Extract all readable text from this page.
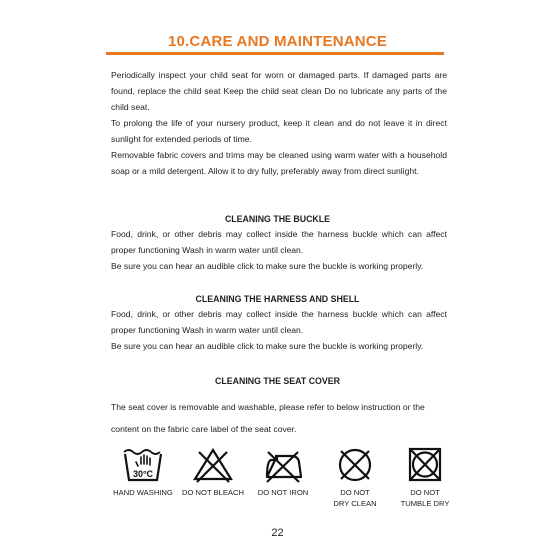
10.CARE AND MAINTENANCE

Periodically inspect your child seat for worn or damaged parts. If damaged parts are found, replace the child seat Keep the child seat clean Do no lubricate any parts of the child seat.

To prolong the life of your nursery product, keep it clean and do not leave it in direct sunlight for extended periods of time.

Removable fabric covers and trims may be cleaned using warm water with a household soap or a mild detergent. Allow it to dry fully, preferably away from direct sunlight.

CLEANING THE BUCKLE

Food, drink, or other debris may collect inside the harness buckle which can affect proper functioning Wash in warm water until clean.

Be sure you can hear an audible click to make sure the buckle is working properly.

CLEANING THE HARNESS AND SHELL

Food, drink, or other debris may collect inside the harness buckle which can affect proper functioning Wash in warm water until clean.

Be sure you can hear an audible click to make sure the buckle is working properly.

CLEANING THE SEAT COVER
The seat cover is removable and washable, please refer to below instruction or the
content on the fabric care label of the seat cover.
30°C
HAND WASHING	DO NOT BLEACH	DO NOT IRON	DO NOT
DRY CLEAN
DO NOT
TUMBLE DRY
22
